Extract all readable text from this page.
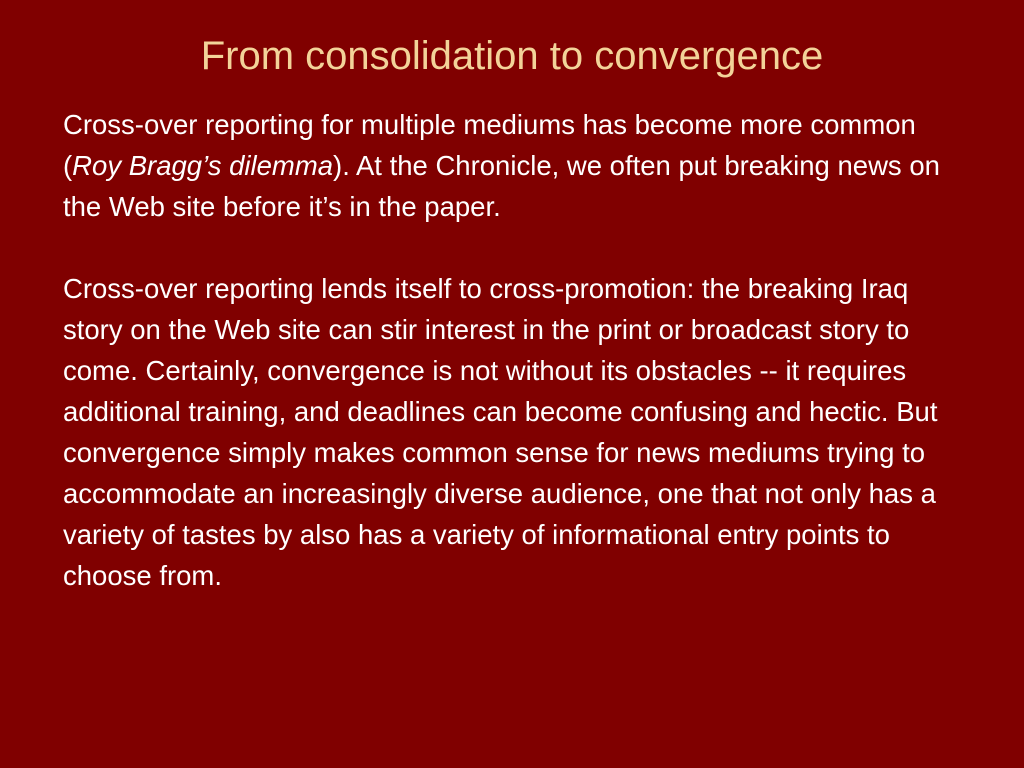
From consolidation to convergence

Cross-over reporting for multiple mediums has become more common (Roy Bragg’s dilemma). At the Chronicle, we often put breaking news on the Web site before it’s in the paper.

Cross-over reporting lends itself to cross-promotion: the breaking Iraq story on the Web site can stir interest in the print or broadcast story to come. Certainly, convergence is not without its obstacles -- it requires additional training, and deadlines can become confusing and hectic. But convergence simply makes common sense for news mediums trying to accommodate an increasingly diverse audience, one that not only has a variety of tastes by also has a variety of informational entry points to choose from.
